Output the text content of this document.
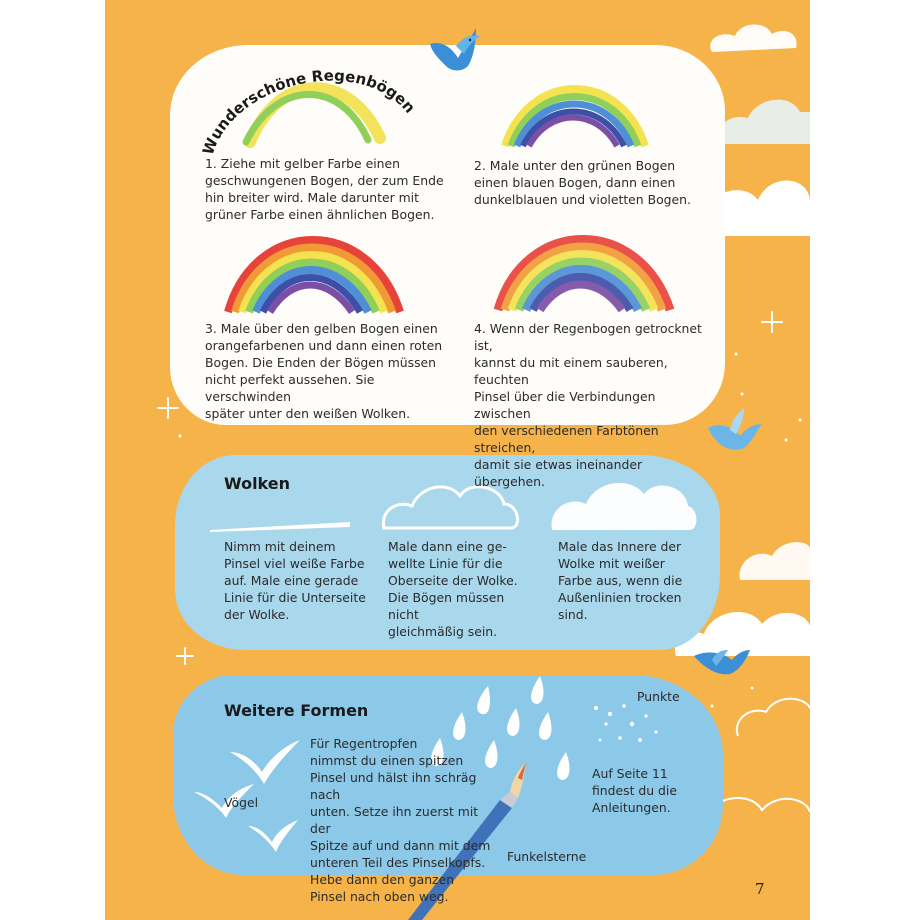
Wunderschöne Regenbögen
1. Ziehe mit gelber Farbe einen
geschwungenen Bogen, der zum Ende
hin breiter wird. Male darunter mit
grüner Farbe einen ähnlichen Bogen.
2. Male unter den grünen Bogen
einen blauen Bogen, dann einen
dunkelblauen und violetten Bogen.
3. Male über den gelben Bogen einen
orangefarbenen und dann einen roten
Bogen. Die Enden der Bögen müssen
nicht perfekt aussehen. Sie verschwinden
später unter den weißen Wolken.
4. Wenn der Regenbogen getrocknet ist,
kannst du mit einem sauberen, feuchten
Pinsel über die Verbindungen zwischen
den verschiedenen Farbtönen streichen,
damit sie etwas ineinander übergehen.
Wolken
Nimm mit deinem
Pinsel viel weiße Farbe
auf. Male eine gerade
Linie für die Unterseite
der Wolke.
Male dann eine ge-
wellte Linie für die
Oberseite der Wolke.
Die Bögen müssen nicht
gleichmäßig sein.
Male das Innere der
Wolke mit weißer
Farbe aus, wenn die
Außenlinien trocken
sind.
Weitere Formen
Vögel
Für Regentropfen
nimmst du einen spitzen
Pinsel und hälst ihn schräg nach
unten. Setze ihn zuerst mit der
Spitze auf und dann mit dem
unteren Teil des Pinselkopfs.
Hebe dann den ganzen
Pinsel nach oben weg.
Punkte
Auf Seite 11
findest du die
Anleitungen.
Funkelsterne
7
